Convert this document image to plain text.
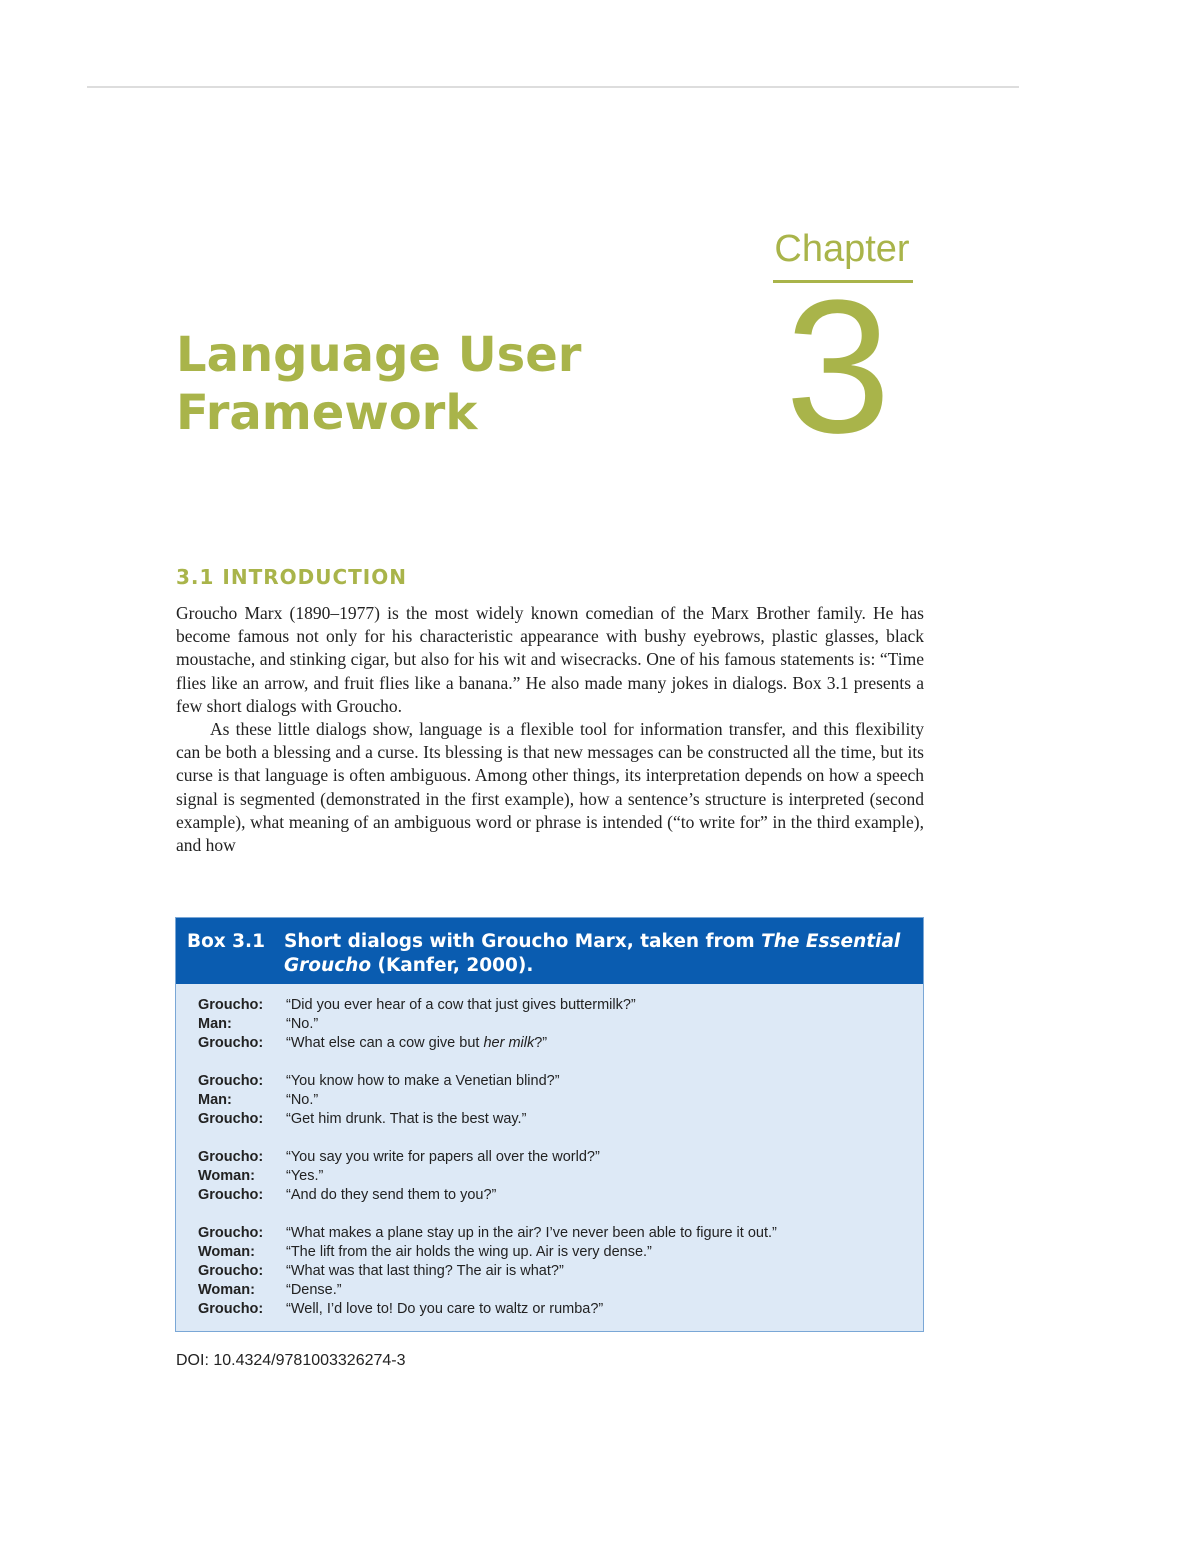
Chapter
3
Language User
Framework
3.1 INTRODUCTION

Groucho Marx (1890–1977) is the most widely known comedian of the Marx Brother family. He has become famous not only for his characteristic appearance with bushy eyebrows, plastic glasses, black moustache, and stinking cigar, but also for his wit and wisecracks. One of his famous statements is: “Time flies like an arrow, and fruit flies like a banana.” He also made many jokes in dialogs. Box 3.1 presents a few short dialogs with Groucho.

As these little dialogs show, language is a flexible tool for information transfer, and this flexibility can be both a blessing and a curse. Its blessing is that new messages can be constructed all the time, but its curse is that language is often ambiguous. Among other things, its interpretation depends on how a speech signal is segmented (demonstrated in the first example), how a sentence’s structure is interpreted (second example), what meaning of an ambiguous word or phrase is intended (“to write for” in the third example), and how

Box 3.1	Short dialogs with Groucho Marx, taken from The Essential Groucho (Kanfer, 2000).
Groucho:	“Did you ever hear of a cow that just gives buttermilk?”
Man:	“No.”
Groucho:	“What else can a cow give but her milk?”
Groucho:	“You know how to make a Venetian blind?”
Man:	“No.”
Groucho:	“Get him drunk. That is the best way.”
Groucho:	“You say you write for papers all over the world?”
Woman:	“Yes.”
Groucho:	“And do they send them to you?”
Groucho:	“What makes a plane stay up in the air? I’ve never been able to figure it out.”
Woman:	“The lift from the air holds the wing up. Air is very dense.”
Groucho:	“What was that last thing? The air is what?”
Woman:	“Dense.”
Groucho:	“Well, I’d love to! Do you care to waltz or rumba?”
DOI: 10.4324/9781003326274-3
